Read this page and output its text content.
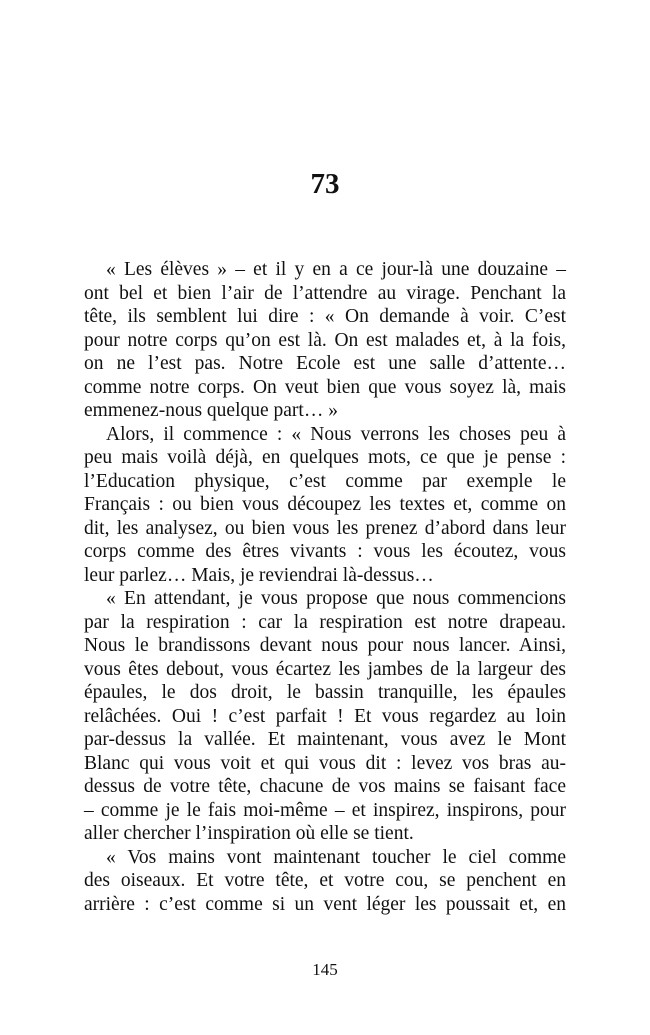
73
« Les élèves » – et il y en a ce jour-là une douzaine –
ont bel et bien l’air de l’attendre au virage. Penchant la
tête, ils semblent lui dire : « On demande à voir. C’est
pour notre corps qu’on est là. On est malades et, à la fois,
on ne l’est pas. Notre Ecole est une salle d’attente…
comme notre corps. On veut bien que vous soyez là, mais
emmenez-nous quelque part… »
Alors, il commence : « Nous verrons les choses peu à
peu mais voilà déjà, en quelques mots, ce que je pense :
l’Education physique, c’est comme par exemple le
Français : ou bien vous découpez les textes et, comme on
dit, les analysez, ou bien vous les prenez d’abord dans leur
corps comme des êtres vivants : vous les écoutez, vous
leur parlez… Mais, je reviendrai là-dessus…
« En attendant, je vous propose que nous commencions
par la respiration : car la respiration est notre drapeau.
Nous le brandissons devant nous pour nous lancer. Ainsi,
vous êtes debout, vous écartez les jambes de la largeur des
épaules, le dos droit, le bassin tranquille, les épaules
relâchées. Oui ! c’est parfait ! Et vous regardez au loin
par-dessus la vallée. Et maintenant, vous avez le Mont
Blanc qui vous voit et qui vous dit : levez vos bras au-
dessus de votre tête, chacune de vos mains se faisant face
– comme je le fais moi-même – et inspirez, inspirons, pour
aller chercher l’inspiration où elle se tient.
« Vos mains vont maintenant toucher le ciel comme
des oiseaux. Et votre tête, et votre cou, se penchent en
arrière : c’est comme si un vent léger les poussait et, en
145
